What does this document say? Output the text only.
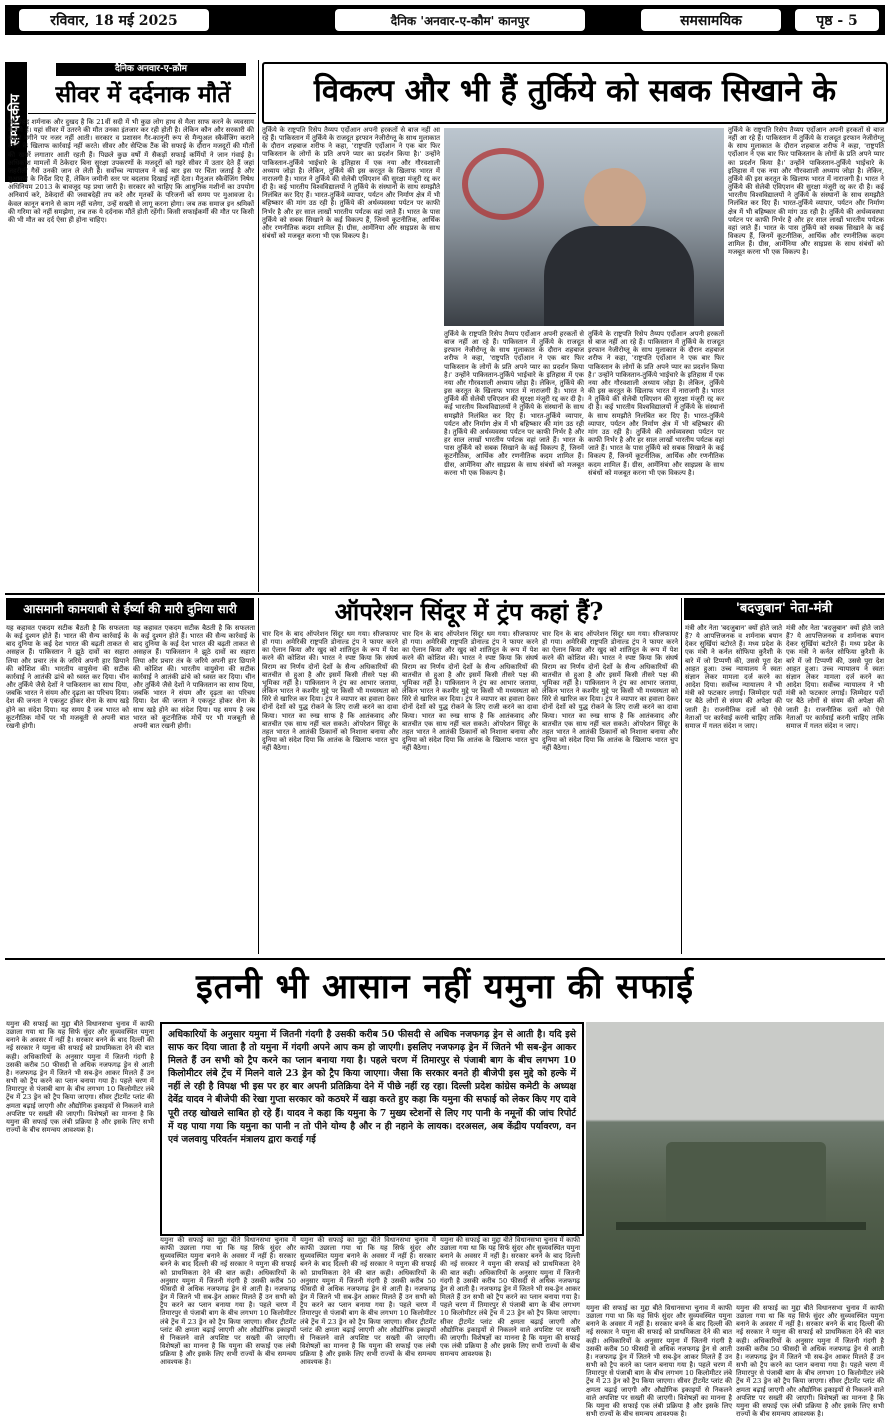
रविवार, 18 मई 2025	दैनिक 'अनवार-ए-कौम' कानपुर	समसामयिक	पृष्ठ - 5
सम्पादकीय
दैनिक अनवार-ए-क़ौम
सीवर में दर्दनाक मौतें
यह बेहद शर्मनाक और दुखद है कि 21वीं सदी में भी कुछ लोग हाथ से मैला साफ करने के व्यवसाय में लगे हैं। यहां सीवर में उतरने की मौत उनका इंतजार कर रही होती है। लेकिन कौन और सरकारी की सबसे नगीने पर नजर नहीं आती। सरकार व प्रशासन गैर-कानूनी रूप से मैन्युअल स्कैवेंजिंग कराने वालों के खिलाफ कार्रवाई नहीं करते। सीवर और सेप्टिक टैंक की सफाई के दौरान मजदूरों की मौतों की खबरें लगातार आती रहती हैं। पिछले कुछ वर्षों में सैकड़ों सफाई कर्मियों ने जान गंवाई है। अधिकांश मामलों में ठेकेदार बिना सुरक्षा उपकरणों के मजदूरों को गहरे सीवर में उतार देते हैं जहां जहरीली गैसें उनकी जान ले लेती हैं। सर्वोच्च न्यायालय ने कई बार इस पर चिंता जताई है और मुआवजे के निर्देश दिए हैं, लेकिन जमीनी स्तर पर बदलाव दिखाई नहीं देता। मैनुअल स्कैवेंजिंग निषेध अधिनियम 2013 के बावजूद यह प्रथा जारी है। सरकार को चाहिए कि आधुनिक मशीनों का उपयोग अनिवार्य करे, ठेकेदारों की जवाबदेही तय करे और मृतकों के परिजनों को समय पर मुआवजा दे। केवल कानून बनाने से काम नहीं चलेगा, उन्हें सख्ती से लागू करना होगा। जब तक समाज इन श्रमिकों की गरिमा को नहीं समझेगा, तब तक ये दर्दनाक मौतें होती रहेंगी। किसी सफाईकर्मी की मौत पर किसी की भी मौत का दर्द ऐसा ही होना चाहिए।
विकल्प और भी हैं तुर्किये को सबक सिखाने के
तुर्किये के राष्ट्रपति रिसेप तैय्यप एर्दोआन अपनी हरकतों से बाज नहीं आ रहे हैं। पाकिस्तान में तुर्किये के राजदूत इरफान नेजीरोग्लू के साथ मुलाकात के दौरान शहबाज शरीफ ने कहा, 'राष्ट्रपति एर्दोआन ने एक बार फिर पाकिस्तान के लोगों के प्रति अपने प्यार का प्रदर्शन किया है।' उन्होंने पाकिस्तान-तुर्किये भाईचारे के इतिहास में एक नया और गौरवशाली अध्याय जोड़ा है। लेकिन, तुर्किये की इस करतूत के खिलाफ भारत में नाराजगी है। भारत ने तुर्किये की सेलेबी एविएशन की सुरक्षा मंजूरी रद्द कर दी है। कई भारतीय विश्वविद्यालयों ने तुर्किये के संस्थानों के साथ समझौते निलंबित कर दिए हैं। भारत-तुर्किये व्यापार, पर्यटन और निर्माण क्षेत्र में भी बहिष्कार की मांग उठ रही है। तुर्किये की अर्थव्यवस्था पर्यटन पर काफी निर्भर है और हर साल लाखों भारतीय पर्यटक वहां जाते हैं। भारत के पास तुर्किये को सबक सिखाने के कई विकल्प हैं, जिनमें कूटनीतिक, आर्थिक और रणनीतिक कदम शामिल हैं। ग्रीस, आर्मेनिया और साइप्रस के साथ संबंधों को मजबूत करना भी एक विकल्प है।
तुर्किये के राष्ट्रपति रिसेप तैय्यप एर्दोआन अपनी हरकतों से बाज नहीं आ रहे हैं। पाकिस्तान में तुर्किये के राजदूत इरफान नेजीरोग्लू के साथ मुलाकात के दौरान शहबाज शरीफ ने कहा, 'राष्ट्रपति एर्दोआन ने एक बार फिर पाकिस्तान के लोगों के प्रति अपने प्यार का प्रदर्शन किया है।' उन्होंने पाकिस्तान-तुर्किये भाईचारे के इतिहास में एक नया और गौरवशाली अध्याय जोड़ा है। लेकिन, तुर्किये की इस करतूत के खिलाफ भारत में नाराजगी है। भारत ने तुर्किये की सेलेबी एविएशन की सुरक्षा मंजूरी रद्द कर दी है। कई भारतीय विश्वविद्यालयों ने तुर्किये के संस्थानों के साथ समझौते निलंबित कर दिए हैं। भारत-तुर्किये व्यापार, पर्यटन और निर्माण क्षेत्र में भी बहिष्कार की मांग उठ रही है। तुर्किये की अर्थव्यवस्था पर्यटन पर काफी निर्भर है और हर साल लाखों भारतीय पर्यटक वहां जाते हैं। भारत के पास तुर्किये को सबक सिखाने के कई विकल्प हैं, जिनमें कूटनीतिक, आर्थिक और रणनीतिक कदम शामिल हैं। ग्रीस, आर्मेनिया और साइप्रस के साथ संबंधों को मजबूत करना भी एक विकल्प है।
तुर्किये के राष्ट्रपति रिसेप तैय्यप एर्दोआन अपनी हरकतों से बाज नहीं आ रहे हैं। पाकिस्तान में तुर्किये के राजदूत इरफान नेजीरोग्लू के साथ मुलाकात के दौरान शहबाज शरीफ ने कहा, 'राष्ट्रपति एर्दोआन ने एक बार फिर पाकिस्तान के लोगों के प्रति अपने प्यार का प्रदर्शन किया है।' उन्होंने पाकिस्तान-तुर्किये भाईचारे के इतिहास में एक नया और गौरवशाली अध्याय जोड़ा है। लेकिन, तुर्किये की इस करतूत के खिलाफ भारत में नाराजगी है। भारत ने तुर्किये की सेलेबी एविएशन की सुरक्षा मंजूरी रद्द कर दी है। कई भारतीय विश्वविद्यालयों ने तुर्किये के संस्थानों के साथ समझौते निलंबित कर दिए हैं। भारत-तुर्किये व्यापार, पर्यटन और निर्माण क्षेत्र में भी बहिष्कार की मांग उठ रही है। तुर्किये की अर्थव्यवस्था पर्यटन पर काफी निर्भर है और हर साल लाखों भारतीय पर्यटक वहां जाते हैं। भारत के पास तुर्किये को सबक सिखाने के कई विकल्प हैं, जिनमें कूटनीतिक, आर्थिक और रणनीतिक कदम शामिल हैं। ग्रीस, आर्मेनिया और साइप्रस के साथ संबंधों को मजबूत करना भी एक विकल्प है।
तुर्किये के राष्ट्रपति रिसेप तैय्यप एर्दोआन अपनी हरकतों से बाज नहीं आ रहे हैं। पाकिस्तान में तुर्किये के राजदूत इरफान नेजीरोग्लू के साथ मुलाकात के दौरान शहबाज शरीफ ने कहा, 'राष्ट्रपति एर्दोआन ने एक बार फिर पाकिस्तान के लोगों के प्रति अपने प्यार का प्रदर्शन किया है।' उन्होंने पाकिस्तान-तुर्किये भाईचारे के इतिहास में एक नया और गौरवशाली अध्याय जोड़ा है। लेकिन, तुर्किये की इस करतूत के खिलाफ भारत में नाराजगी है। भारत ने तुर्किये की सेलेबी एविएशन की सुरक्षा मंजूरी रद्द कर दी है। कई भारतीय विश्वविद्यालयों ने तुर्किये के संस्थानों के साथ समझौते निलंबित कर दिए हैं। भारत-तुर्किये व्यापार, पर्यटन और निर्माण क्षेत्र में भी बहिष्कार की मांग उठ रही है। तुर्किये की अर्थव्यवस्था पर्यटन पर काफी निर्भर है और हर साल लाखों भारतीय पर्यटक वहां जाते हैं। भारत के पास तुर्किये को सबक सिखाने के कई विकल्प हैं, जिनमें कूटनीतिक, आर्थिक और रणनीतिक कदम शामिल हैं। ग्रीस, आर्मेनिया और साइप्रस के साथ संबंधों को मजबूत करना भी एक विकल्प है।
आसमानी कामयाबी से ईर्ष्या की मारी दुनिया सारी
यह कहावत एकदम सटीक बैठती है कि सफलता के कई दुश्मन होते हैं। भारत की सैन्य कार्रवाई के बाद दुनिया के कई देश भारत की बढ़ती ताकत से असहज हैं। पाकिस्तान ने झूठे दावों का सहारा लिया और प्रचार तंत्र के जरिये अपनी हार छिपाने की कोशिश की। भारतीय वायुसेना की सटीक कार्रवाई ने आतंकी ढांचे को ध्वस्त कर दिया। चीन और तुर्किये जैसे देशों ने पाकिस्तान का साथ दिया, जबकि भारत ने संयम और दृढ़ता का परिचय दिया। देश की जनता ने एकजुट होकर सेना के साथ खड़े होने का संदेश दिया। यह समय है जब भारत को कूटनीतिक मोर्चे पर भी मजबूती से अपनी बात रखनी होगी।
यह कहावत एकदम सटीक बैठती है कि सफलता के कई दुश्मन होते हैं। भारत की सैन्य कार्रवाई के बाद दुनिया के कई देश भारत की बढ़ती ताकत से असहज हैं। पाकिस्तान ने झूठे दावों का सहारा लिया और प्रचार तंत्र के जरिये अपनी हार छिपाने की कोशिश की। भारतीय वायुसेना की सटीक कार्रवाई ने आतंकी ढांचे को ध्वस्त कर दिया। चीन और तुर्किये जैसे देशों ने पाकिस्तान का साथ दिया, जबकि भारत ने संयम और दृढ़ता का परिचय दिया। देश की जनता ने एकजुट होकर सेना के साथ खड़े होने का संदेश दिया। यह समय है जब भारत को कूटनीतिक मोर्चे पर भी मजबूती से अपनी बात रखनी होगी।
ऑपरेशन सिंदूर में ट्रंप कहां हैं?
चार दिन के बाद ऑपरेशन सिंदूर थम गया। सीजफायर हो गया। अमेरिकी राष्ट्रपति डोनाल्ड ट्रंप ने फायर करने का ऐलान किया और खुद को शांतिदूत के रूप में पेश करने की कोशिश की। भारत ने स्पष्ट किया कि संघर्ष विराम का निर्णय दोनों देशों के सैन्य अधिकारियों की बातचीत से हुआ है और इसमें किसी तीसरे पक्ष की भूमिका नहीं है। पाकिस्तान ने ट्रंप का आभार जताया, लेकिन भारत ने कश्मीर मुद्दे पर किसी भी मध्यस्थता को सिरे से खारिज कर दिया। ट्रंप ने व्यापार का हवाला देकर दोनों देशों को युद्ध रोकने के लिए राजी करने का दावा किया। भारत का रुख साफ है कि आतंकवाद और बातचीत एक साथ नहीं चल सकते। ऑपरेशन सिंदूर के तहत भारत ने आतंकी ठिकानों को निशाना बनाया और दुनिया को संदेश दिया कि आतंक के खिलाफ भारत चुप नहीं बैठेगा।
चार दिन के बाद ऑपरेशन सिंदूर थम गया। सीजफायर हो गया। अमेरिकी राष्ट्रपति डोनाल्ड ट्रंप ने फायर करने का ऐलान किया और खुद को शांतिदूत के रूप में पेश करने की कोशिश की। भारत ने स्पष्ट किया कि संघर्ष विराम का निर्णय दोनों देशों के सैन्य अधिकारियों की बातचीत से हुआ है और इसमें किसी तीसरे पक्ष की भूमिका नहीं है। पाकिस्तान ने ट्रंप का आभार जताया, लेकिन भारत ने कश्मीर मुद्दे पर किसी भी मध्यस्थता को सिरे से खारिज कर दिया। ट्रंप ने व्यापार का हवाला देकर दोनों देशों को युद्ध रोकने के लिए राजी करने का दावा किया। भारत का रुख साफ है कि आतंकवाद और बातचीत एक साथ नहीं चल सकते। ऑपरेशन सिंदूर के तहत भारत ने आतंकी ठिकानों को निशाना बनाया और दुनिया को संदेश दिया कि आतंक के खिलाफ भारत चुप नहीं बैठेगा।
चार दिन के बाद ऑपरेशन सिंदूर थम गया। सीजफायर हो गया। अमेरिकी राष्ट्रपति डोनाल्ड ट्रंप ने फायर करने का ऐलान किया और खुद को शांतिदूत के रूप में पेश करने की कोशिश की। भारत ने स्पष्ट किया कि संघर्ष विराम का निर्णय दोनों देशों के सैन्य अधिकारियों की बातचीत से हुआ है और इसमें किसी तीसरे पक्ष की भूमिका नहीं है। पाकिस्तान ने ट्रंप का आभार जताया, लेकिन भारत ने कश्मीर मुद्दे पर किसी भी मध्यस्थता को सिरे से खारिज कर दिया। ट्रंप ने व्यापार का हवाला देकर दोनों देशों को युद्ध रोकने के लिए राजी करने का दावा किया। भारत का रुख साफ है कि आतंकवाद और बातचीत एक साथ नहीं चल सकते। ऑपरेशन सिंदूर के तहत भारत ने आतंकी ठिकानों को निशाना बनाया और दुनिया को संदेश दिया कि आतंक के खिलाफ भारत चुप नहीं बैठेगा।
'बदजुबान' नेता-मंत्री
मंत्री और नेता 'बदजुबान' क्यों होते जाते हैं? ये आपत्तिजनक व शर्मनाक बयान देकर सुर्खियां बटोरते हैं। मध्य प्रदेश के एक मंत्री ने कर्नल सोफिया कुरैशी के बारे में जो टिप्पणी की, उससे पूरा देश आहत हुआ। उच्च न्यायालय ने स्वतः संज्ञान लेकर मामला दर्ज करने का आदेश दिया। सर्वोच्च न्यायालय ने भी मंत्री को फटकार लगाई। जिम्मेदार पदों पर बैठे लोगों से संयम की अपेक्षा की जाती है। राजनीतिक दलों को ऐसे नेताओं पर कार्रवाई करनी चाहिए ताकि समाज में गलत संदेश न जाए।
मंत्री और नेता 'बदजुबान' क्यों होते जाते हैं? ये आपत्तिजनक व शर्मनाक बयान देकर सुर्खियां बटोरते हैं। मध्य प्रदेश के एक मंत्री ने कर्नल सोफिया कुरैशी के बारे में जो टिप्पणी की, उससे पूरा देश आहत हुआ। उच्च न्यायालय ने स्वतः संज्ञान लेकर मामला दर्ज करने का आदेश दिया। सर्वोच्च न्यायालय ने भी मंत्री को फटकार लगाई। जिम्मेदार पदों पर बैठे लोगों से संयम की अपेक्षा की जाती है। राजनीतिक दलों को ऐसे नेताओं पर कार्रवाई करनी चाहिए ताकि समाज में गलत संदेश न जाए।
इतनी भी आसान नहीं यमुना की सफाई
यमुना की सफाई का मुद्दा बीते विधानसभा चुनाव में काफी उछाला गया था कि यह सिर्फ सुंदर और सुव्यवस्थित यमुना बनाने के अवसर में नहीं है। सरकार बनने के बाद दिल्ली की नई सरकार ने यमुना की सफाई को प्राथमिकता देने की बात कही। अधिकारियों के अनुसार यमुना में जितनी गंदगी है उसकी करीब 50 फीसदी से अधिक नजफगढ़ ड्रेन से आती है। नजफगढ़ ड्रेन में जितने भी सब-ड्रेन आकर मिलते हैं उन सभी को ट्रैप करने का प्लान बनाया गया है। पहले चरण में तिमारपुर से पंजाबी बाग के बीच लगभग 10 किलोमीटर लंबे ट्रेंच में 23 ड्रेन को ट्रैप किया जाएगा। सीवर ट्रीटमेंट प्लांट की क्षमता बढ़ाई जाएगी और औद्योगिक इकाइयों से निकलने वाले अपशिष्ट पर सख्ती की जाएगी। विशेषज्ञों का मानना है कि यमुना की सफाई एक लंबी प्रक्रिया है और इसके लिए सभी राज्यों के बीच समन्वय आवश्यक है।
अधिकारियों के अनुसार यमुना में जितनी गंदगी है उसकी करीब 50 फीसदी से अधिक नजफगढ़ ड्रेन से आती है। यदि इसे साफ कर दिया जाता है तो यमुना में गंदगी अपने आप कम हो जाएगी। इसलिए नजफगढ़ ड्रेन में जितने भी सब-ड्रेन आकर मिलते हैं उन सभी को ट्रैप करने का प्लान बनाया गया है। पहले चरण में तिमारपुर से पंजाबी बाग के बीच लगभग 10 किलोमीटर लंबे ट्रेंच में मिलने वाले 23 ड्रेन को ट्रैप किया जाएगा। जैसा कि सरकार बनते ही बीजेपी इस मुद्दे को हल्के में नहीं ले रही है विपक्ष भी इस पर हर बार अपनी प्रतिक्रिया देने में पीछे नहीं रह रहा। दिल्ली प्रदेश कांग्रेस कमेटी के अध्यक्ष देवेंद्र यादव ने बीजेपी की रेखा गुप्ता सरकार को कठघरे में खड़ा करते हुए कहा कि यमुना की सफाई को लेकर किए गए दावे पूरी तरह खोखले साबित हो रहे हैं। यादव ने कहा कि यमुना के 7 मुख्य स्टेशनों से लिए गए पानी के नमूनों की जांच रिपोर्ट में यह पाया गया कि यमुना का पानी न तो पीने योग्य है और न ही नहाने के लायक। दरअसल, अब केंद्रीय पर्यावरण, वन एवं जलवायु परिवर्तन मंत्रालय द्वारा कराई गई
यमुना की सफाई का मुद्दा बीते विधानसभा चुनाव में काफी उछाला गया था कि यह सिर्फ सुंदर और सुव्यवस्थित यमुना बनाने के अवसर में नहीं है। सरकार बनने के बाद दिल्ली की नई सरकार ने यमुना की सफाई को प्राथमिकता देने की बात कही। अधिकारियों के अनुसार यमुना में जितनी गंदगी है उसकी करीब 50 फीसदी से अधिक नजफगढ़ ड्रेन से आती है। नजफगढ़ ड्रेन में जितने भी सब-ड्रेन आकर मिलते हैं उन सभी को ट्रैप करने का प्लान बनाया गया है। पहले चरण में तिमारपुर से पंजाबी बाग के बीच लगभग 10 किलोमीटर लंबे ट्रेंच में 23 ड्रेन को ट्रैप किया जाएगा। सीवर ट्रीटमेंट प्लांट की क्षमता बढ़ाई जाएगी और औद्योगिक इकाइयों से निकलने वाले अपशिष्ट पर सख्ती की जाएगी। विशेषज्ञों का मानना है कि यमुना की सफाई एक लंबी प्रक्रिया है और इसके लिए सभी राज्यों के बीच समन्वय आवश्यक है।
यमुना की सफाई का मुद्दा बीते विधानसभा चुनाव में काफी उछाला गया था कि यह सिर्फ सुंदर और सुव्यवस्थित यमुना बनाने के अवसर में नहीं है। सरकार बनने के बाद दिल्ली की नई सरकार ने यमुना की सफाई को प्राथमिकता देने की बात कही। अधिकारियों के अनुसार यमुना में जितनी गंदगी है उसकी करीब 50 फीसदी से अधिक नजफगढ़ ड्रेन से आती है। नजफगढ़ ड्रेन में जितने भी सब-ड्रेन आकर मिलते हैं उन सभी को ट्रैप करने का प्लान बनाया गया है। पहले चरण में तिमारपुर से पंजाबी बाग के बीच लगभग 10 किलोमीटर लंबे ट्रेंच में 23 ड्रेन को ट्रैप किया जाएगा। सीवर ट्रीटमेंट प्लांट की क्षमता बढ़ाई जाएगी और औद्योगिक इकाइयों से निकलने वाले अपशिष्ट पर सख्ती की जाएगी। विशेषज्ञों का मानना है कि यमुना की सफाई एक लंबी प्रक्रिया है और इसके लिए सभी राज्यों के बीच समन्वय आवश्यक है।
यमुना की सफाई का मुद्दा बीते विधानसभा चुनाव में काफी उछाला गया था कि यह सिर्फ सुंदर और सुव्यवस्थित यमुना बनाने के अवसर में नहीं है। सरकार बनने के बाद दिल्ली की नई सरकार ने यमुना की सफाई को प्राथमिकता देने की बात कही। अधिकारियों के अनुसार यमुना में जितनी गंदगी है उसकी करीब 50 फीसदी से अधिक नजफगढ़ ड्रेन से आती है। नजफगढ़ ड्रेन में जितने भी सब-ड्रेन आकर मिलते हैं उन सभी को ट्रैप करने का प्लान बनाया गया है। पहले चरण में तिमारपुर से पंजाबी बाग के बीच लगभग 10 किलोमीटर लंबे ट्रेंच में 23 ड्रेन को ट्रैप किया जाएगा। सीवर ट्रीटमेंट प्लांट की क्षमता बढ़ाई जाएगी और औद्योगिक इकाइयों से निकलने वाले अपशिष्ट पर सख्ती की जाएगी। विशेषज्ञों का मानना है कि यमुना की सफाई एक लंबी प्रक्रिया है और इसके लिए सभी राज्यों के बीच समन्वय आवश्यक है।
यमुना की सफाई का मुद्दा बीते विधानसभा चुनाव में काफी उछाला गया था कि यह सिर्फ सुंदर और सुव्यवस्थित यमुना बनाने के अवसर में नहीं है। सरकार बनने के बाद दिल्ली की नई सरकार ने यमुना की सफाई को प्राथमिकता देने की बात कही। अधिकारियों के अनुसार यमुना में जितनी गंदगी है उसकी करीब 50 फीसदी से अधिक नजफगढ़ ड्रेन से आती है। नजफगढ़ ड्रेन में जितने भी सब-ड्रेन आकर मिलते हैं उन सभी को ट्रैप करने का प्लान बनाया गया है। पहले चरण में तिमारपुर से पंजाबी बाग के बीच लगभग 10 किलोमीटर लंबे ट्रेंच में 23 ड्रेन को ट्रैप किया जाएगा। सीवर ट्रीटमेंट प्लांट की क्षमता बढ़ाई जाएगी और औद्योगिक इकाइयों से निकलने वाले अपशिष्ट पर सख्ती की जाएगी। विशेषज्ञों का मानना है कि यमुना की सफाई एक लंबी प्रक्रिया है और इसके लिए सभी राज्यों के बीच समन्वय आवश्यक है।
यमुना की सफाई का मुद्दा बीते विधानसभा चुनाव में काफी उछाला गया था कि यह सिर्फ सुंदर और सुव्यवस्थित यमुना बनाने के अवसर में नहीं है। सरकार बनने के बाद दिल्ली की नई सरकार ने यमुना की सफाई को प्राथमिकता देने की बात कही। अधिकारियों के अनुसार यमुना में जितनी गंदगी है उसकी करीब 50 फीसदी से अधिक नजफगढ़ ड्रेन से आती है। नजफगढ़ ड्रेन में जितने भी सब-ड्रेन आकर मिलते हैं उन सभी को ट्रैप करने का प्लान बनाया गया है। पहले चरण में तिमारपुर से पंजाबी बाग के बीच लगभग 10 किलोमीटर लंबे ट्रेंच में 23 ड्रेन को ट्रैप किया जाएगा। सीवर ट्रीटमेंट प्लांट की क्षमता बढ़ाई जाएगी और औद्योगिक इकाइयों से निकलने वाले अपशिष्ट पर सख्ती की जाएगी। विशेषज्ञों का मानना है कि यमुना की सफाई एक लंबी प्रक्रिया है और इसके लिए सभी राज्यों के बीच समन्वय आवश्यक है।
